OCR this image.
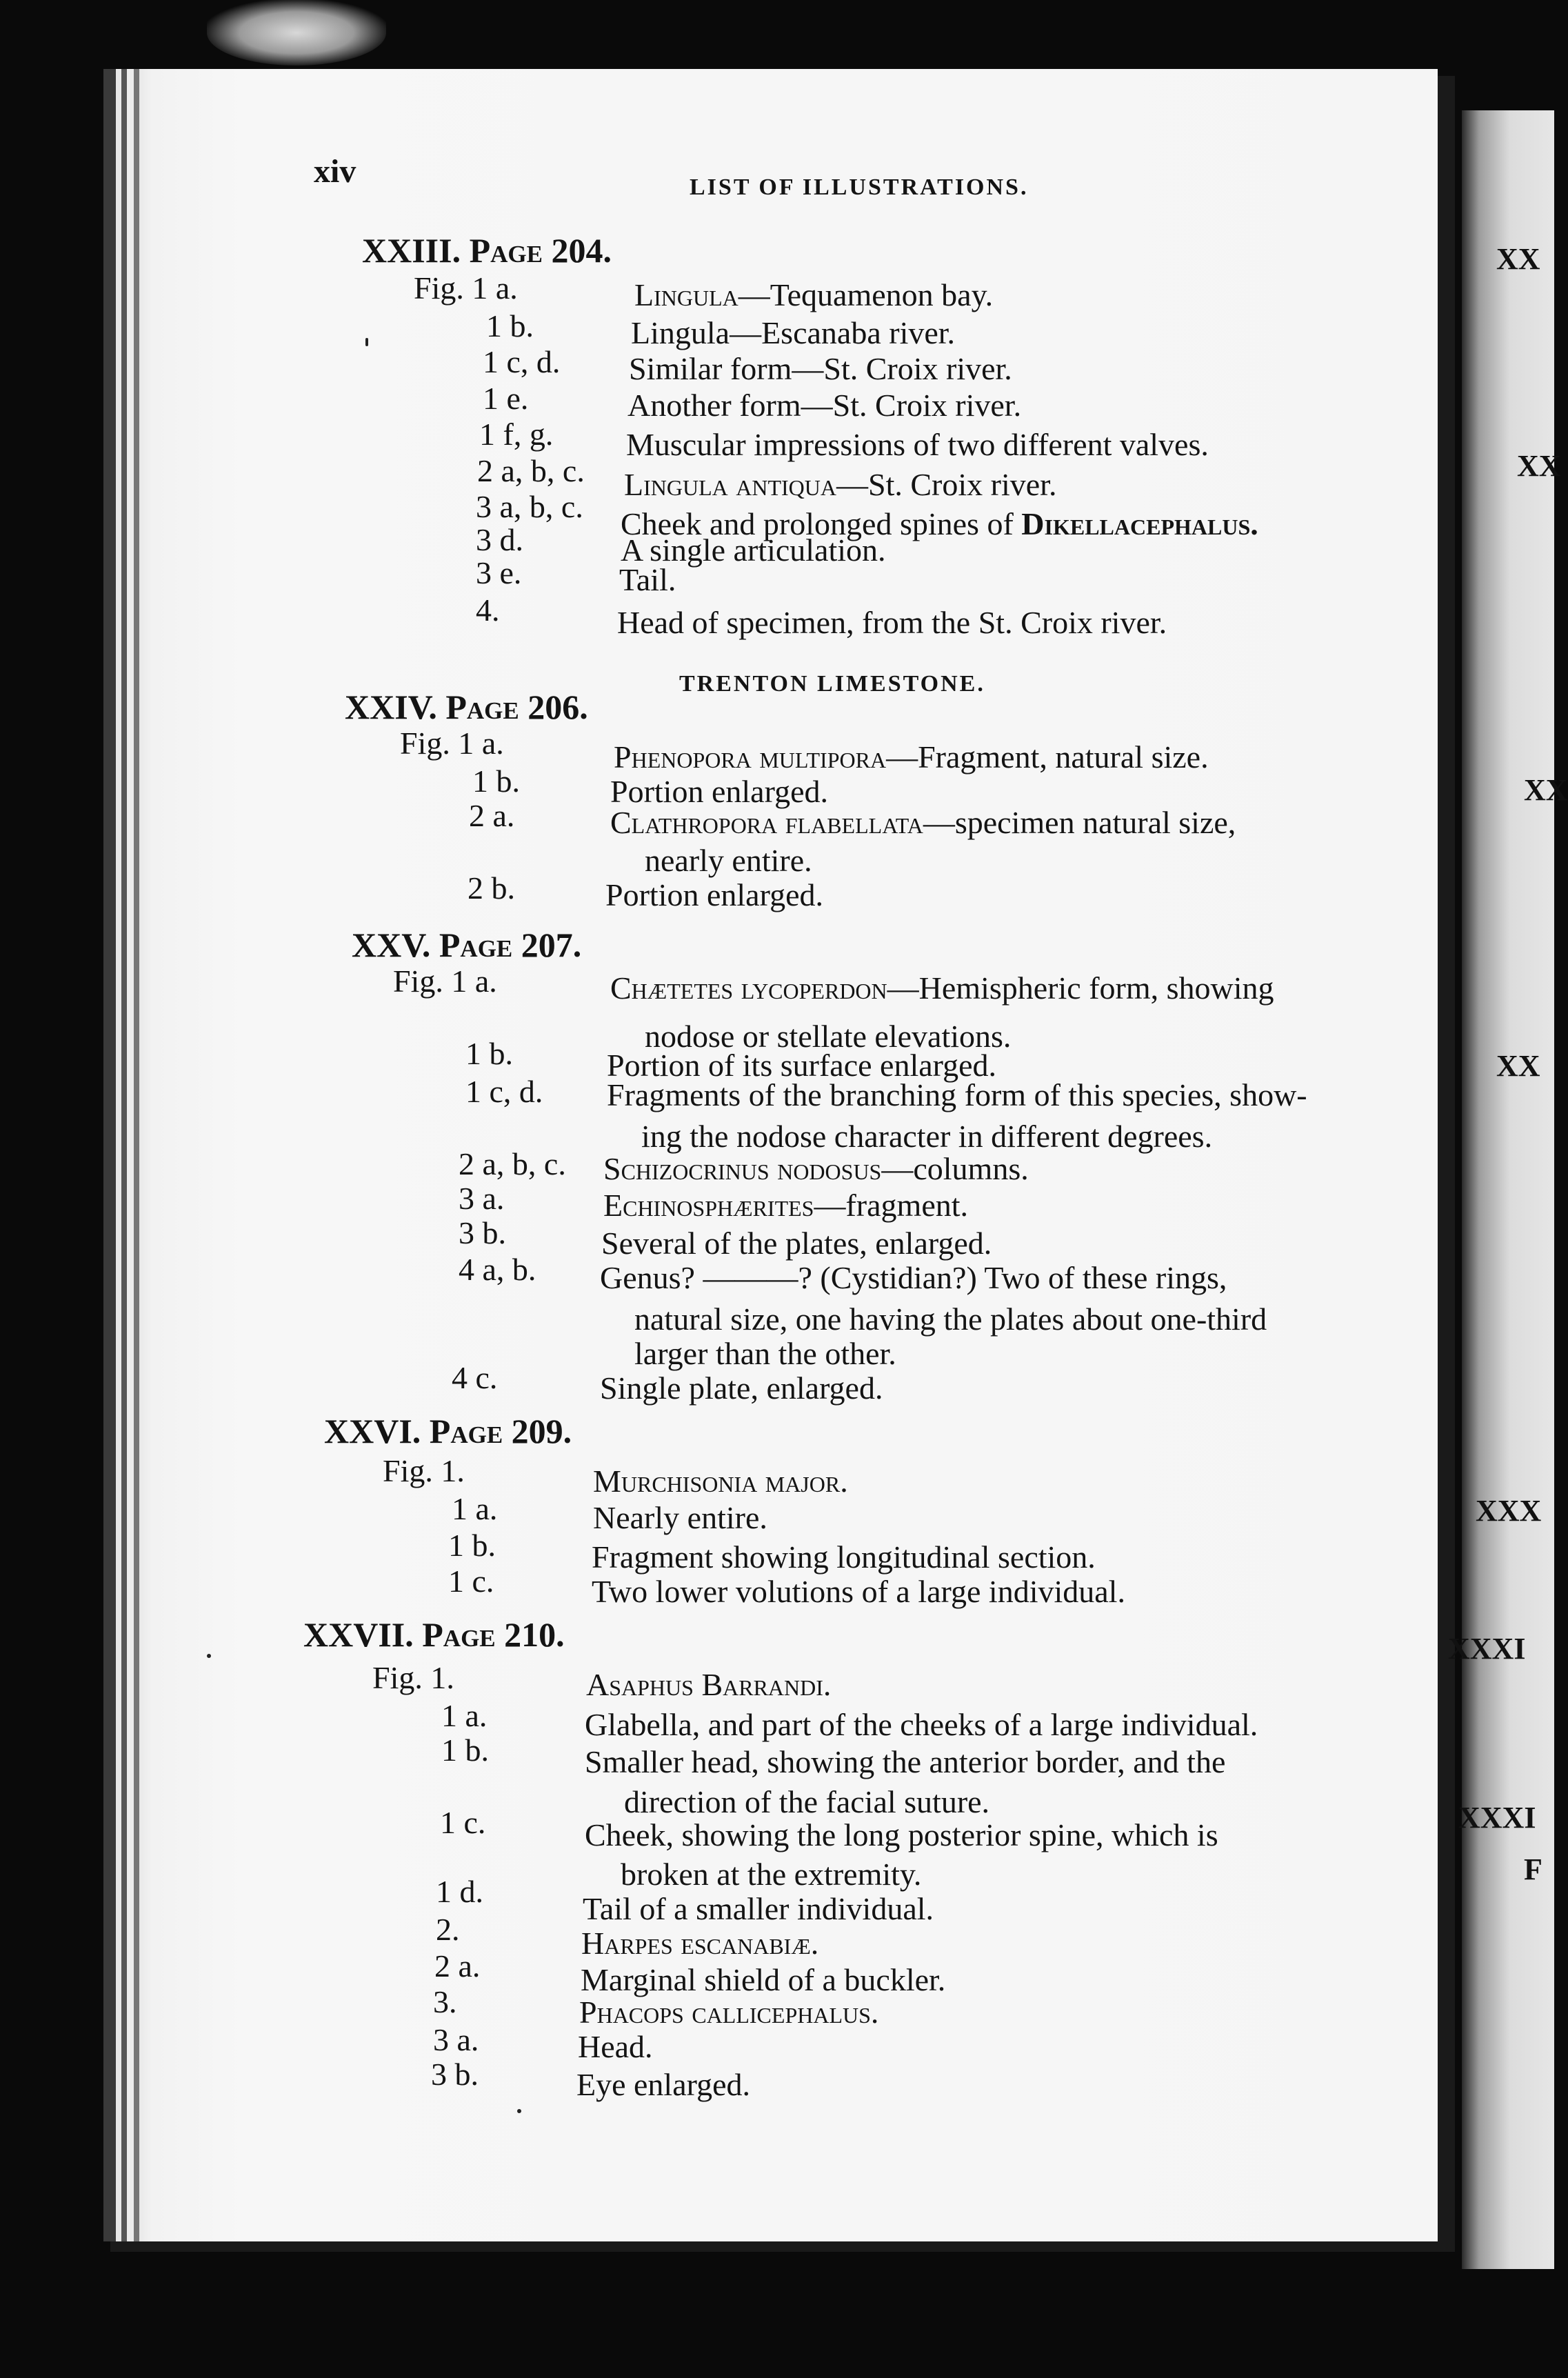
XX
XX
XX
XX
XXX
XXXI
XXXI
F
xiv	LIST OF ILLUSTRATIONS.
XXIII. Page 204.
Fig. 1 a.	Lingula—Tequamenon bay.
1 b.	Lingula—Escanaba river.
1 c, d. Similar form—St. Croix river.
1 e.	Another form—St. Croix river.
1 f, g. Muscular impressions of two different valves.
2 a, b, c. Lingula antiqua—St. Croix river.
3 a, b, c. Cheek and prolonged spines of Dikellacephalus.
3 d.	A single articulation.
3 e.	Tail.
4.	Head of specimen, from the St. Croix river.
TRENTON LIMESTONE.
XXIV. Page 206.
Fig. 1 a.	Phenopora multipora—Fragment, natural size.
1 b.	Portion enlarged.
2 a.	Clathropora flabellata—specimen natural size,
nearly entire.
2 b.	Portion enlarged.
XXV. Page 207.
Fig. 1 a.	Chætetes lycoperdon—Hemispheric form, showing
nodose or stellate elevations.
1 b.	Portion of its surface enlarged.
1 c, d. Fragments of the branching form of this species, show-
ing the nodose character in different degrees.
2 a, b, c. Schizocrinus nodosus—columns.
3 a.	Echinosphærites—fragment.
3 b.	Several of the plates, enlarged.
4 a, b. Genus? ———? (Cystidian?) Two of these rings,
natural size, one having the plates about one-third
larger than the other.
4 c.	Single plate, enlarged.
XXVI. Page 209.
Fig. 1.	Murchisonia major.
1 a.	Nearly entire.
1 b.	Fragment showing longitudinal section.
1 c.	Two lower volutions of a large individual.
XXVII. Page 210.
Fig. 1.	Asaphus Barrandi.
1 a.	Glabella, and part of the cheeks of a large individual.
1 b.	Smaller head, showing the anterior border, and the
direction of the facial suture.
1 c.	Cheek, showing the long posterior spine, which is
broken at the extremity.
1 d.	Tail of a smaller individual.
2.	Harpes escanabiæ.
2 a.	Marginal shield of a buckler.
3.	Phacops callicephalus.
3 a.	Head.
3 b.	Eye enlarged.
